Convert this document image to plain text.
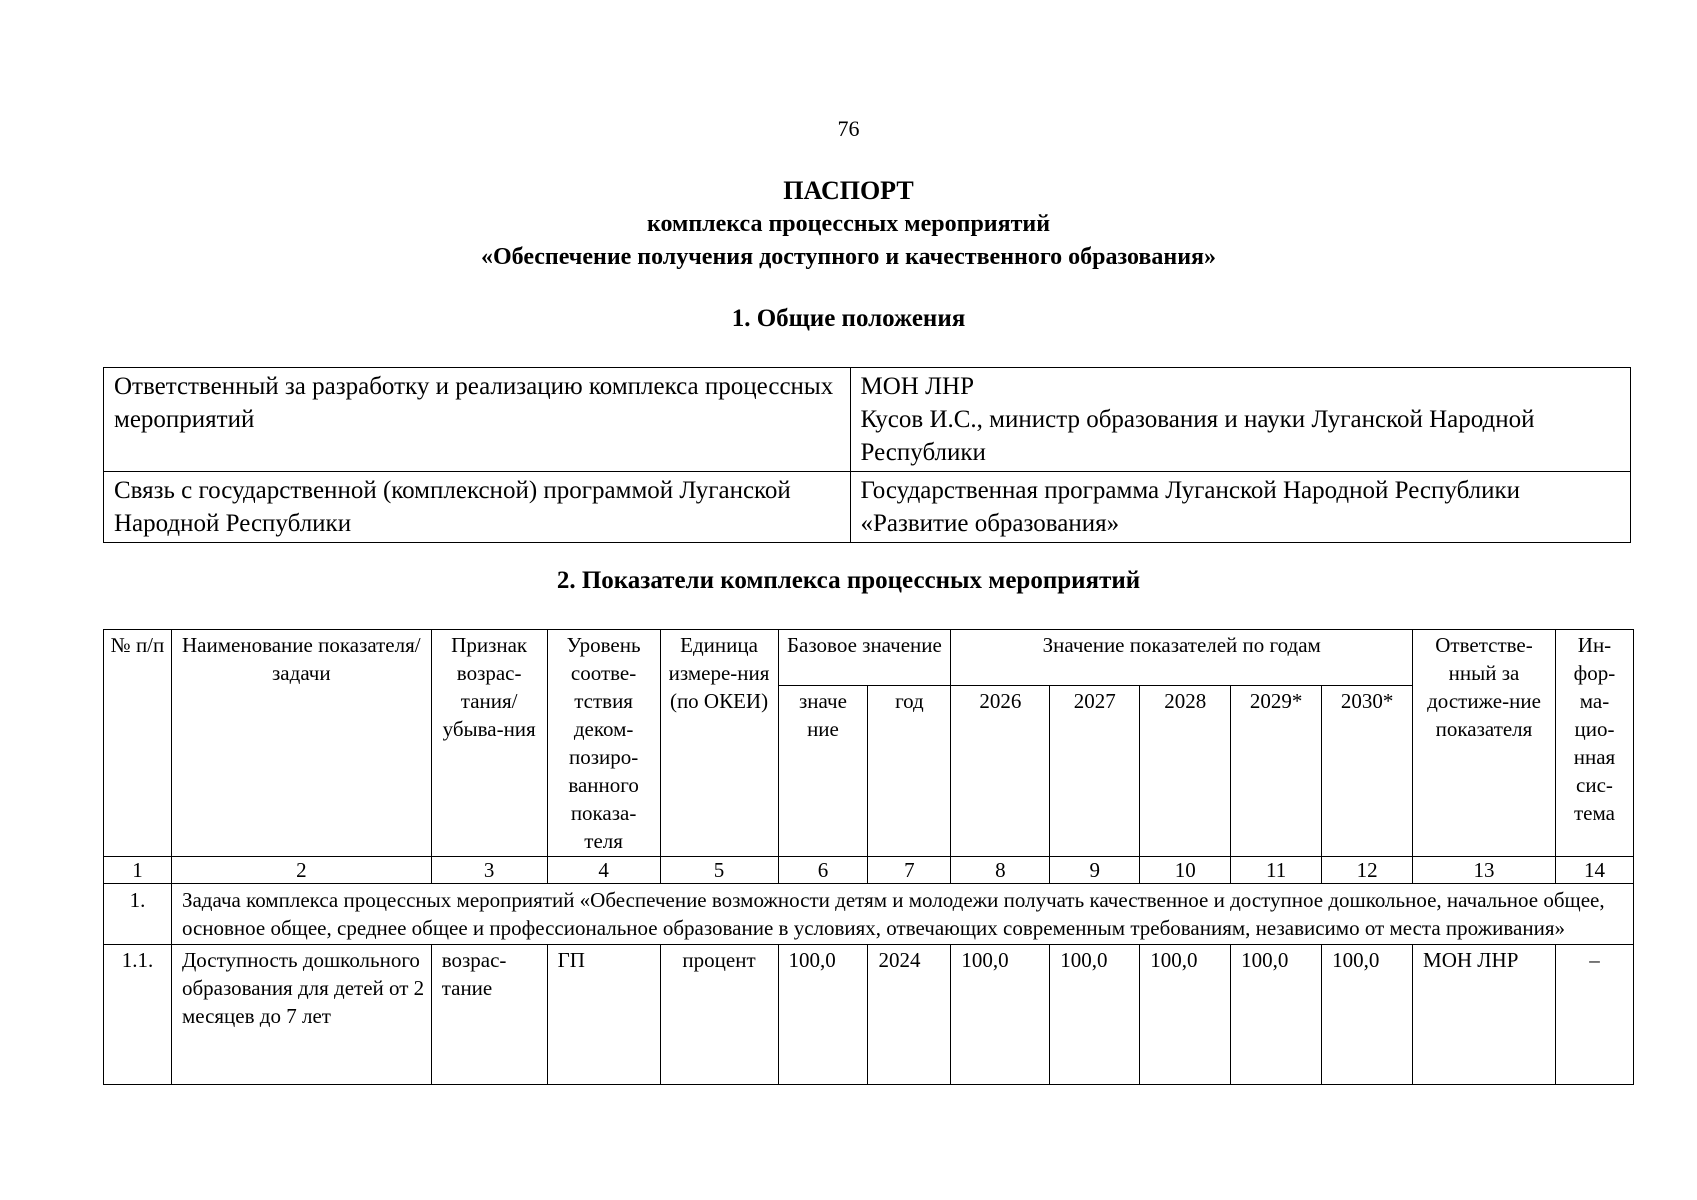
76
ПАСПОРТ
комплекса процессных мероприятий
«Обеспечение получения доступного и качественного образования»
1. Общие положения
Ответственный за разработку и реализацию комплекса процессных мероприятий	МОН ЛНР
Кусов И.С., министр образования и науки Луганской Народной Республики

Связь с государственной (комплексной) программой Луганской Народной Республики	Государственная программа Луганской Народной Республики «Развитие образования»
2. Показатели комплекса процессных мероприятий
№ п/п	Наименование показателя/ задачи	Признак возрас-тания/ убыва-ния	Уровень соотве-тствия деком-позиро-ванного показа-теля	Единица измере-ния (по ОКЕИ)	Базовое значение		Значение показателей по годам					Ответстве-нный за достиже-ние показателя	Ин-фор-ма-цио-нная сис-тема
					значе ние	год	2026	2027	2028	2029*	2030*		
1	2	3	4	5	6	7	8	9	10	11	12	13	14
1.	Задача комплекса процессных мероприятий «Обеспечение возможности детям и молодежи получать качественное и доступное дошкольное, начальное общее, основное общее, среднее общее и профессиональное образование в условиях, отвечающих современным требованиям, независимо от места проживания»												
1.1.	Доступность дошкольного образования для детей от 2 месяцев до 7 лет	возрас-тание	ГП	процент	100,0	2024	100,0	100,0	100,0	100,0	100,0	МОН ЛНР	–
